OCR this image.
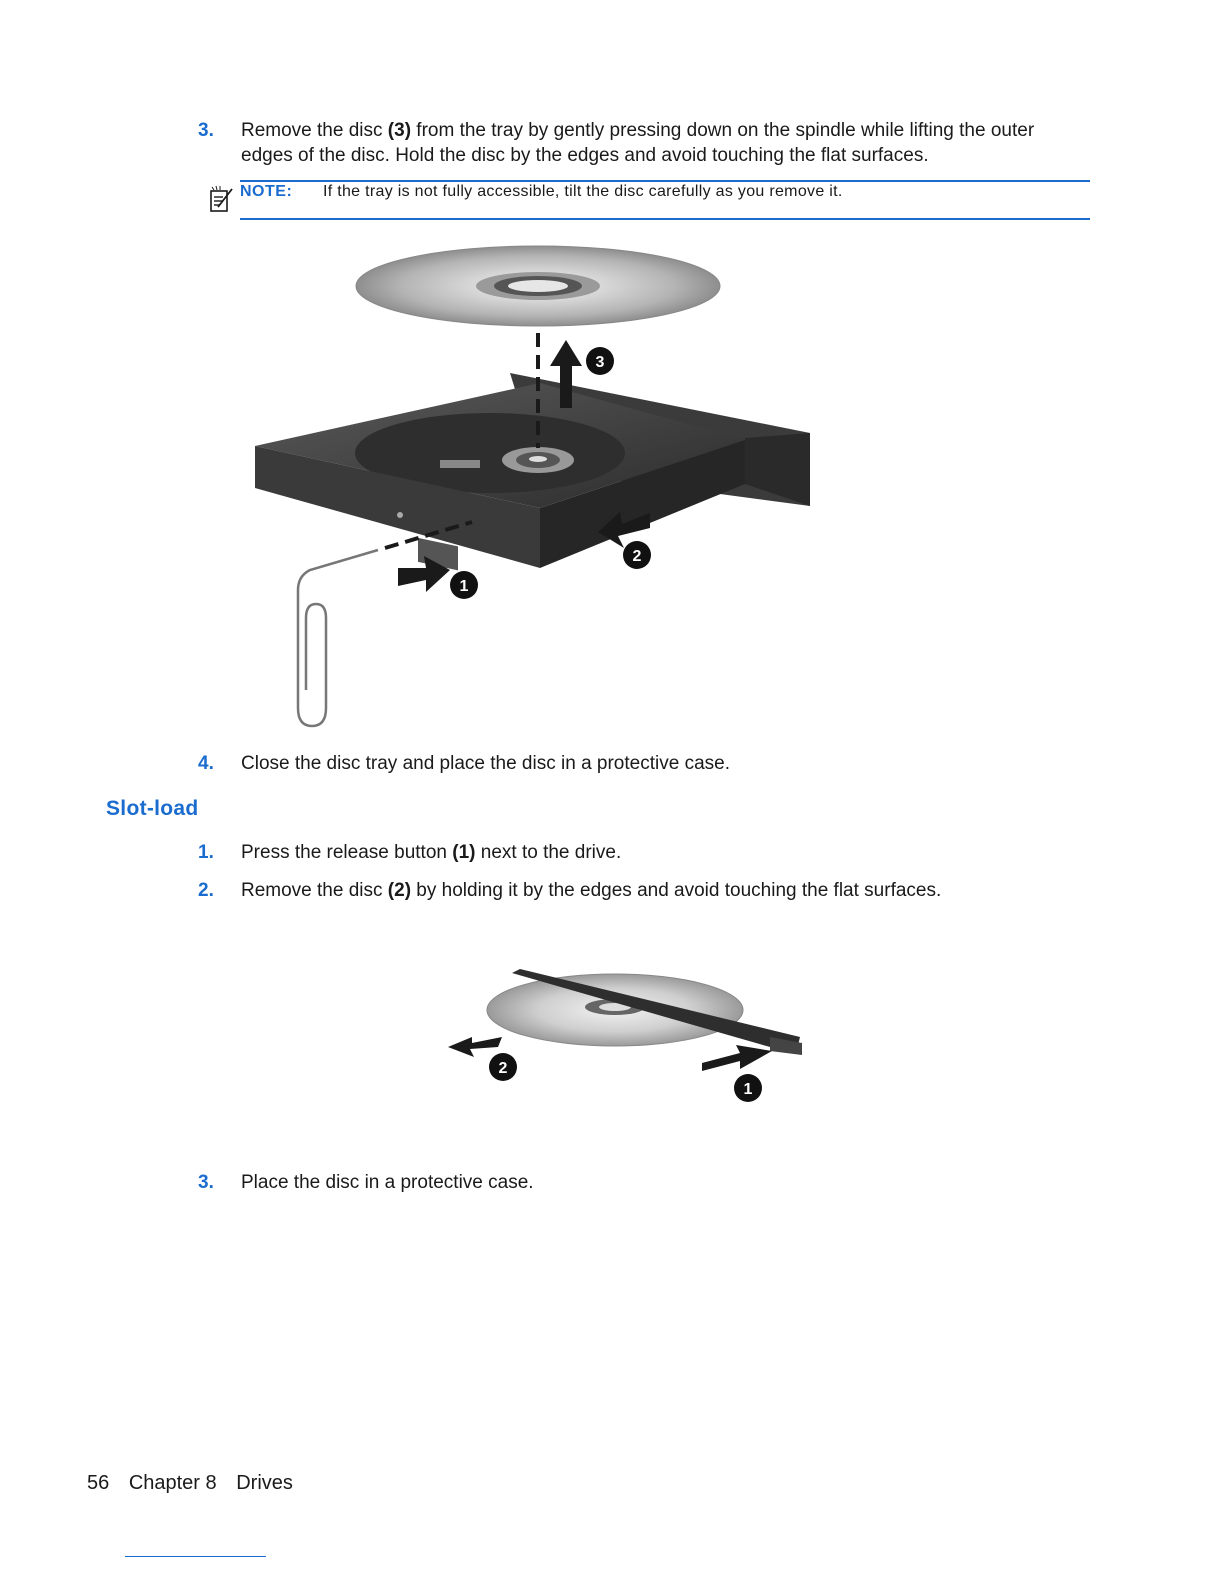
3.	Remove the disc (3) from the tray by gently pressing down on the spindle while lifting the outer edges of the disc. Hold the disc by the edges and avoid touching the flat surfaces.
NOTE: If the tray is not fully accessible, tilt the disc carefully as you remove it.
3
2
1
4.	Close the disc tray and place the disc in a protective case.
Slot-load
1.	Press the release button (1) next to the drive.
2.	Remove the disc (2) by holding it by the edges and avoid touching the flat surfaces.
2
1
3.	Place the disc in a protective case.
56 Chapter 8 Drives
